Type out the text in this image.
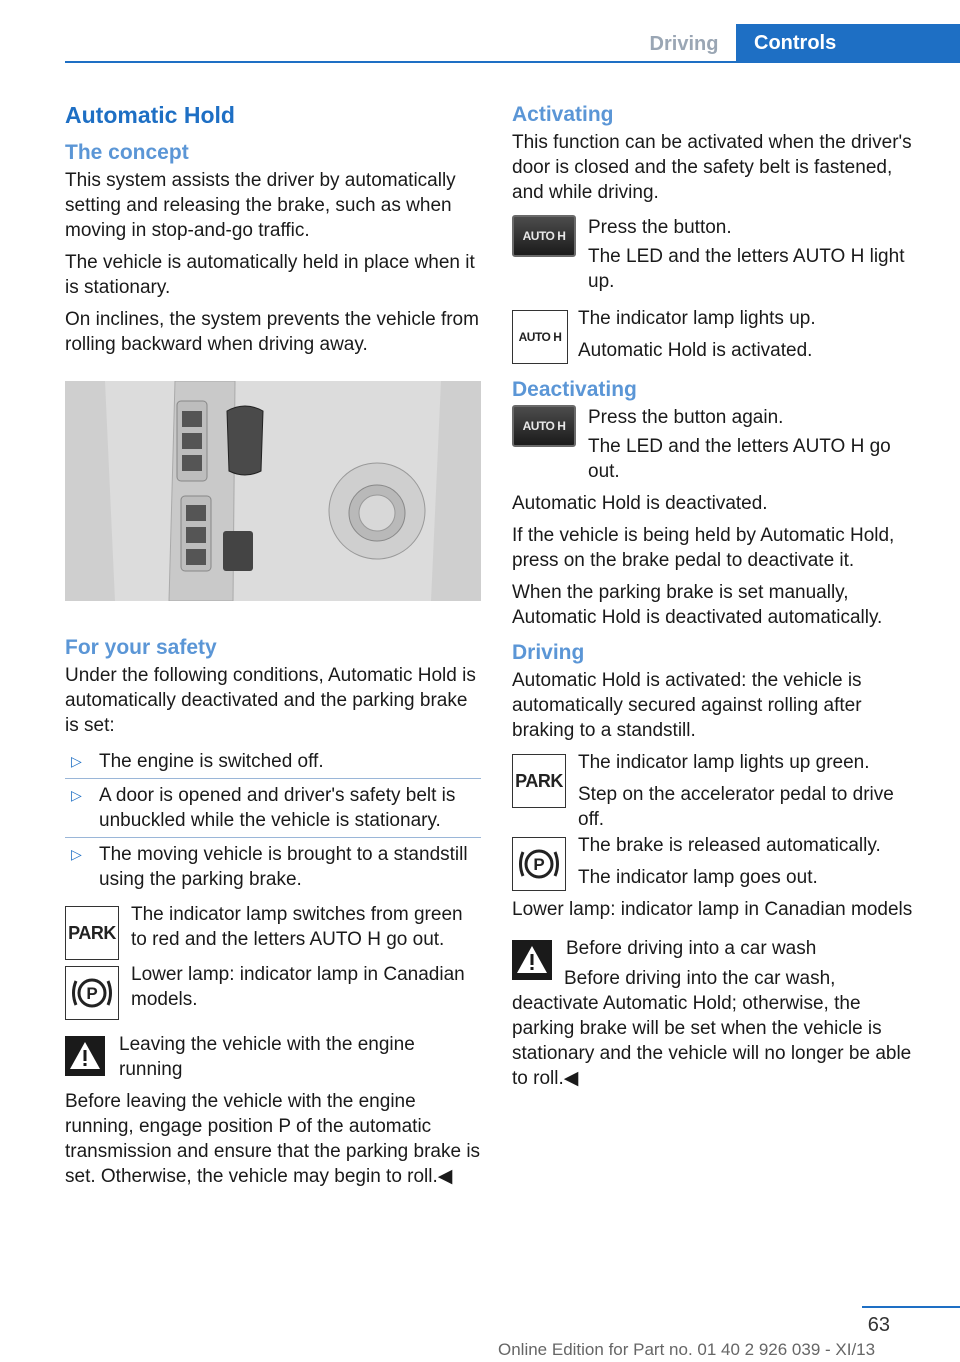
Driving	Controls
Automatic Hold
The concept

This system assists the driver by automatically setting and releasing the brake, such as when moving in stop-and-go traffic.

The vehicle is automatically held in place when it is stationary.

On inclines, the system prevents the vehicle from rolling backward when driving away.

For your safety

Under the following conditions, Automatic Hold is automatically deactivated and the parking brake is set:

▷ The engine is switched off.
▷ A door is opened and driver's safety belt is unbuckled while the vehicle is stationary.
▷ The moving vehicle is brought to a standstill using the parking brake.
PARK

The indicator lamp switches from green to red and the letters AUTO H go out.

P

Lower lamp: indicator lamp in Canadian models.

Leaving the vehicle with the engine running

Before leaving the vehicle with the engine running, engage position P of the automatic transmission and ensure that the parking brake is set. Otherwise, the vehicle may begin to roll.◀

Activating

This function can be activated when the driver's door is closed and the safety belt is fastened, and while driving.

AUTO H	Press the button.

The LED and the letters AUTO H light up.

AUTO H

The indicator lamp lights up.

Automatic Hold is activated.

Deactivating
AUTO H	Press the button again.

The LED and the letters AUTO H go out.

Automatic Hold is deactivated.

If the vehicle is being held by Automatic Hold, press on the brake pedal to deactivate it.

When the parking brake is set manually, Automatic Hold is deactivated automatically.

Driving

Automatic Hold is activated: the vehicle is automatically secured against rolling after braking to a standstill.

PARK

The indicator lamp lights up green.

Step on the accelerator pedal to drive off.

P

The brake is released automatically.

The indicator lamp goes out.

Lower lamp: indicator lamp in Canadian models

Before driving into a car wash

Before driving into the car wash, deactivate Automatic Hold; otherwise, the parking brake will be set when the vehicle is stationary and the vehicle will no longer be able to roll.◀

63
Online Edition for Part no. 01 40 2 926 039 - XI/13
